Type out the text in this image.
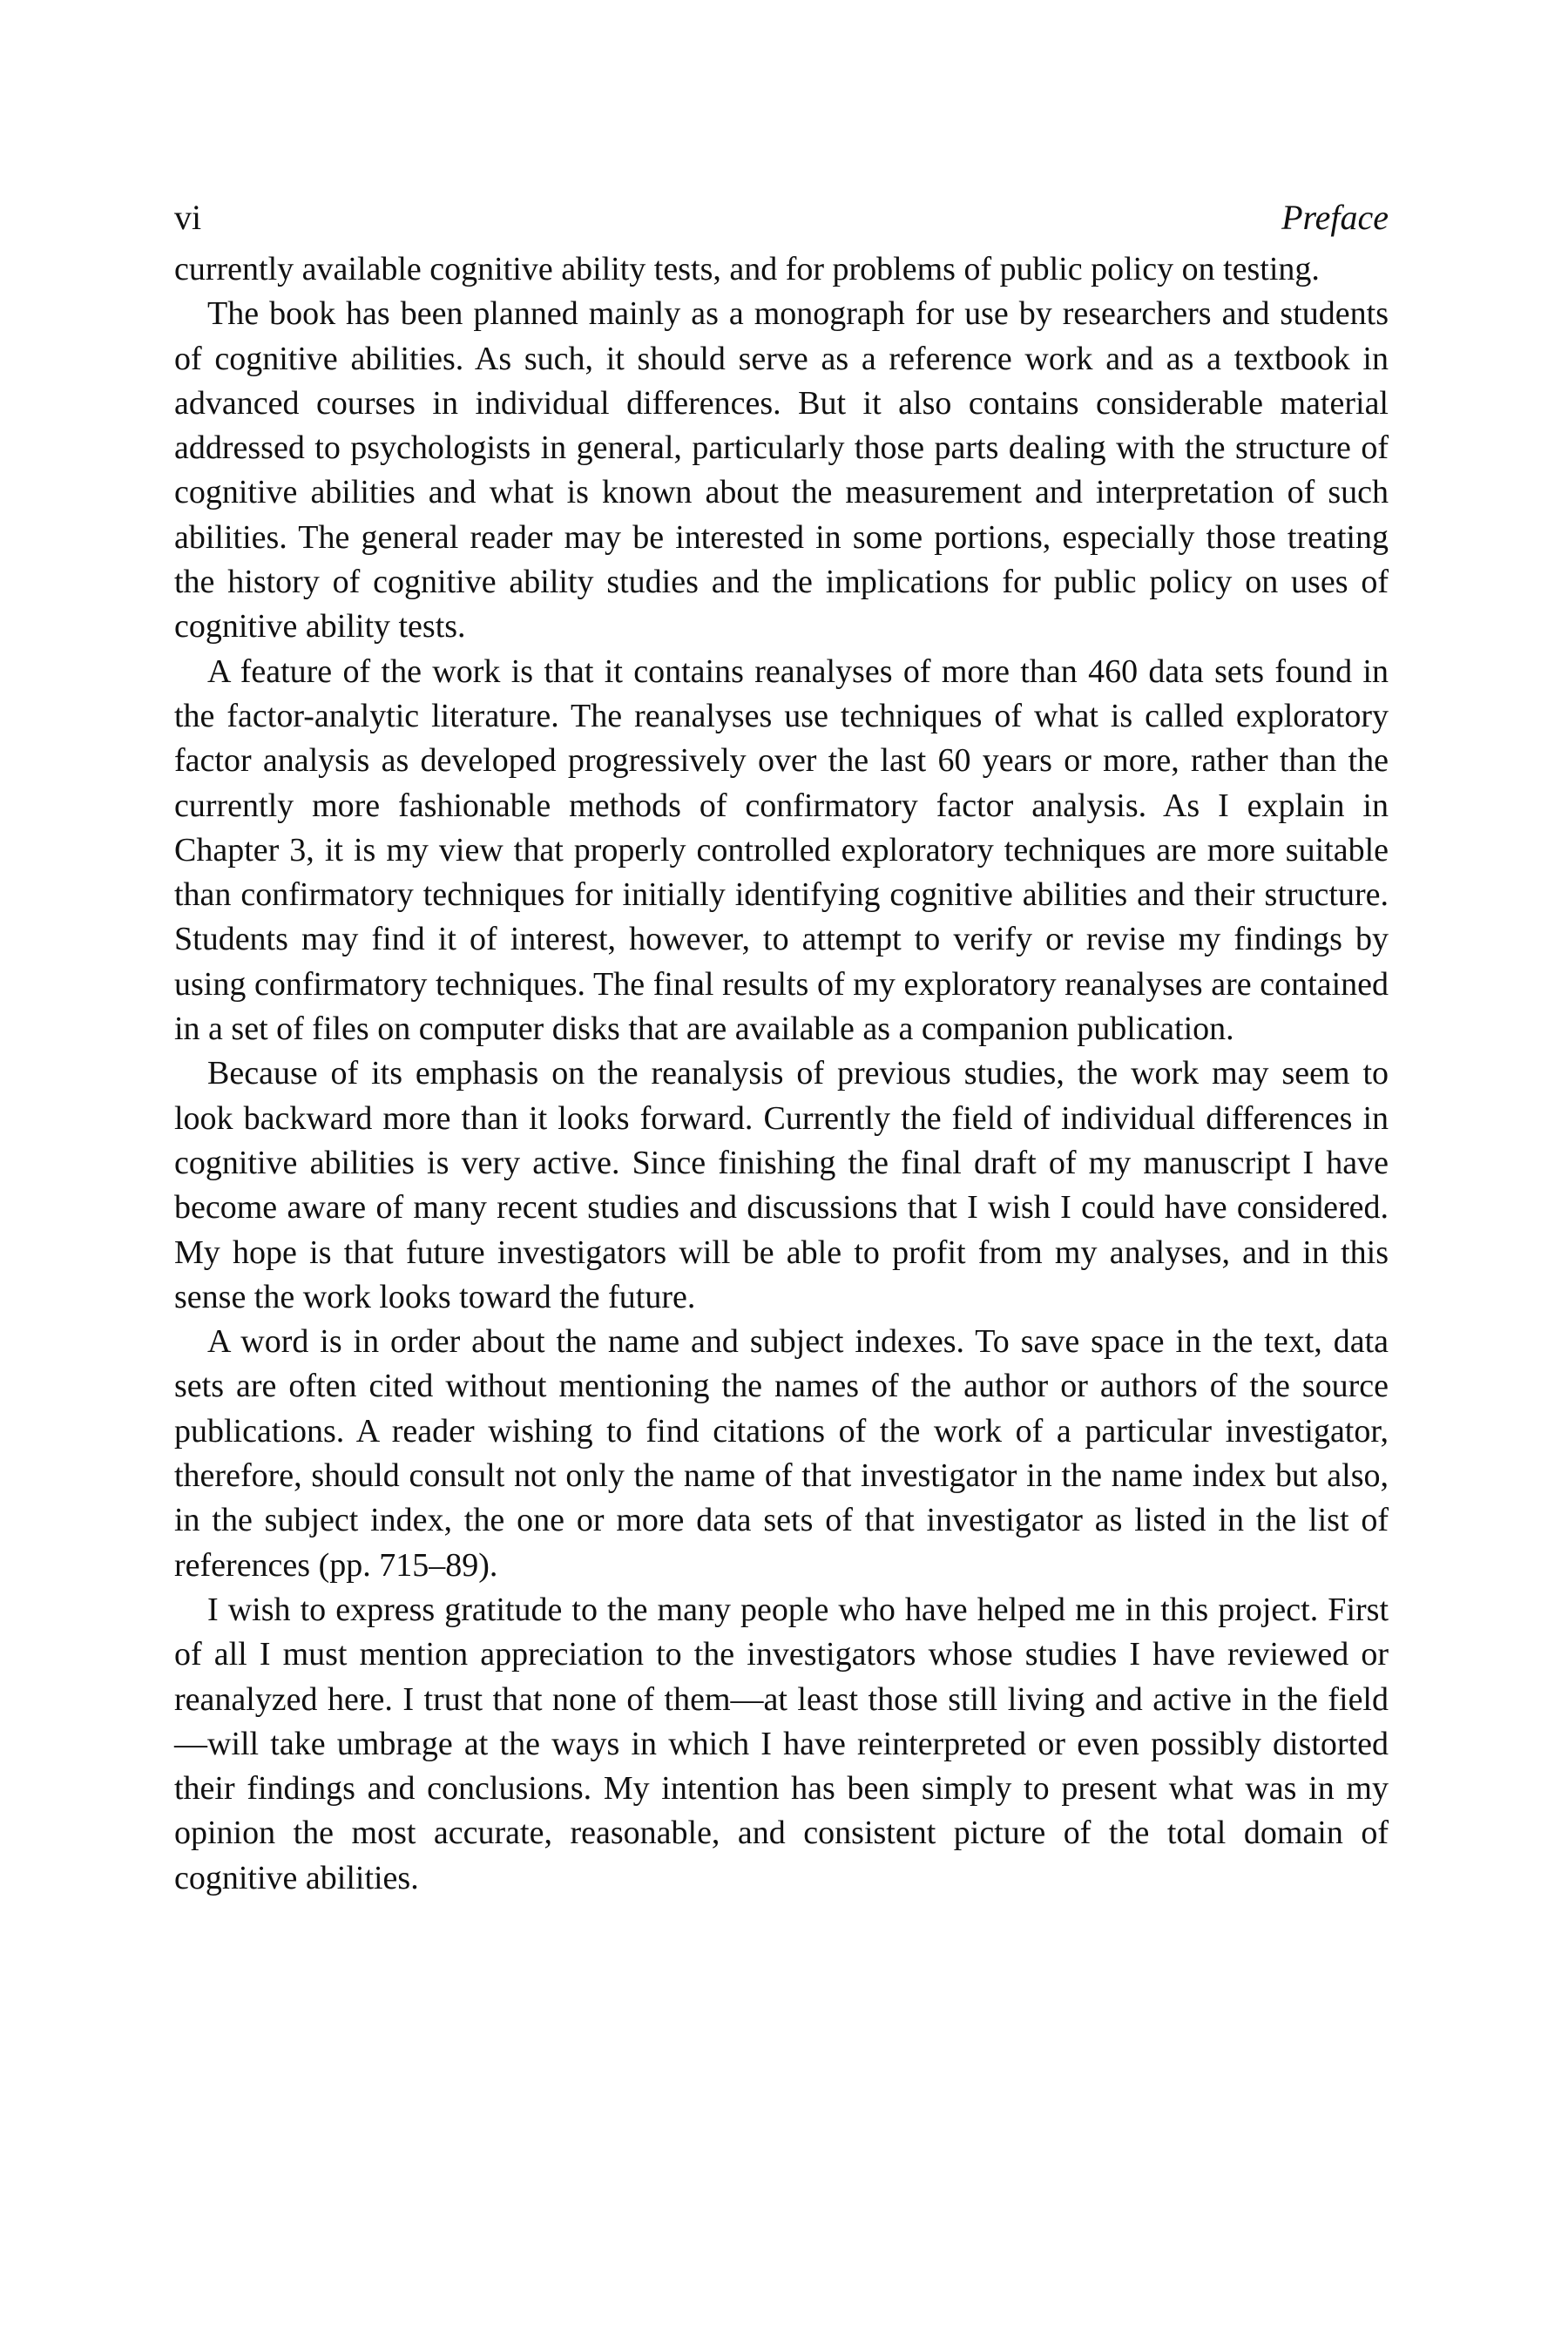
vi	Preface

currently available cognitive ability tests, and for problems of public policy on testing.

The book has been planned mainly as a monograph for use by researchers and students of cognitive abilities. As such, it should serve as a reference work and as a textbook in advanced courses in individual differences. But it also contains considerable material addressed to psychologists in general, particularly those parts dealing with the structure of cognitive abilities and what is known about the measurement and interpretation of such abilities. The general reader may be interested in some portions, especially those treating the history of cognitive ability studies and the implications for public policy on uses of cognitive ability tests.

A feature of the work is that it contains reanalyses of more than 460 data sets found in the factor-analytic literature. The reanalyses use techniques of what is called exploratory factor analysis as developed progressively over the last 60 years or more, rather than the currently more fashionable methods of confirmatory factor analysis. As I explain in Chapter 3, it is my view that properly controlled exploratory techniques are more suitable than confirmatory techniques for initially identifying cognitive abilities and their structure. Students may find it of interest, however, to attempt to verify or revise my findings by using confirmatory techniques. The final results of my exploratory reanalyses are contained in a set of files on computer disks that are available as a companion publication.

Because of its emphasis on the reanalysis of previous studies, the work may seem to look backward more than it looks forward. Currently the field of individual differences in cognitive abilities is very active. Since finishing the final draft of my manuscript I have become aware of many recent studies and discussions that I wish I could have considered. My hope is that future investigators will be able to profit from my analyses, and in this sense the work looks toward the future.

A word is in order about the name and subject indexes. To save space in the text, data sets are often cited without mentioning the names of the author or authors of the source publications. A reader wishing to find citations of the work of a particular investigator, therefore, should consult not only the name of that investigator in the name index but also, in the subject index, the one or more data sets of that investigator as listed in the list of references (pp. 715–89).

I wish to express gratitude to the many people who have helped me in this project. First of all I must mention appreciation to the investigators whose studies I have reviewed or reanalyzed here. I trust that none of them—at least those still living and active in the field—will take umbrage at the ways in which I have reinterpreted or even possibly distorted their findings and conclusions. My intention has been simply to present what was in my opinion the most accurate, reasonable, and consistent picture of the total domain of cognitive abilities.
